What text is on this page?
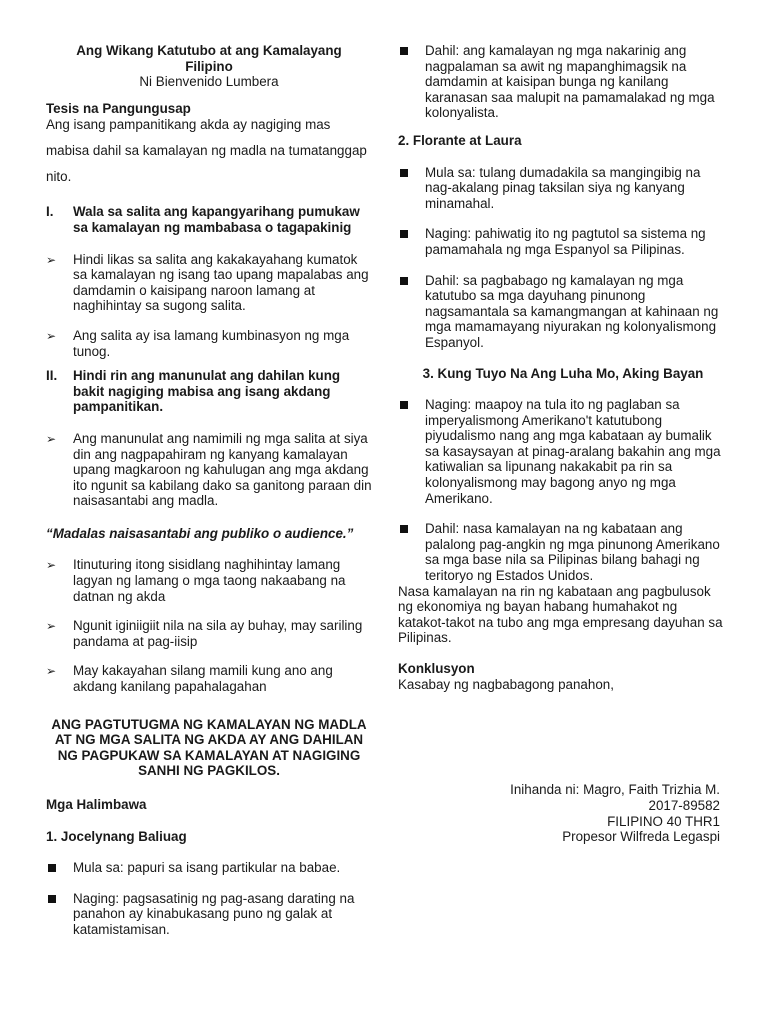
Ang Wikang Katutubo at ang Kamalayang
Filipino
Ni Bienvenido Lumbera
Tesis na Pangungusap
Ang isang pampanitikang akda ay nagiging mas mabisa dahil sa kamalayan ng madla na tumatanggap nito.
I.	Wala sa salita ang kapangyarihang pumukaw sa kamalayan ng mambabasa o tagapakinig
➢	Hindi likas sa salita ang kakakayahang kumatok sa kamalayan ng isang tao upang mapalabas ang damdamin o kaisipang naroon lamang at naghihintay sa sugong salita.
➢	Ang salita ay isa lamang kumbinasyon ng mga tunog.
II.	Hindi rin ang manunulat ang dahilan kung bakit nagiging mabisa ang isang akdang pampanitikan.
➢	Ang manunulat ang namimili ng mga salita at siya din ang nagpapahiram ng kanyang kamalayan upang magkaroon ng kahulugan ang mga akdang ito ngunit sa kabilang dako sa ganitong paraan din naisasantabi ang madla.
“Madalas naisasantabi ang publiko o audience.”
➢	Itinuturing itong sisidlang naghihintay lamang lagyan ng lamang o mga taong nakaabang na datnan ng akda
➢	Ngunit iginiigiit nila na sila ay buhay, may sariling pandama at pag-iisip
➢	May kakayahan silang mamili kung ano ang akdang kanilang papahalagahan
ANG PAGTUTUGMA NG KAMALAYAN NG MADLA AT NG MGA SALITA NG AKDA AY ANG DAHILAN NG PAGPUKAW SA KAMALAYAN AT NAGIGING SANHI NG PAGKILOS.
Mga Halimbawa
1. Jocelynang Baliuag
Mula sa: papuri sa isang partikular na babae.
Naging: pagsasatinig ng pag-asang darating na panahon ay kinabukasang puno ng galak at katamistamisan.
Dahil: ang kamalayan ng mga nakarinig ang nagpalaman sa awit ng mapanghimagsik na damdamin at kaisipan bunga ng kanilang karanasan saa malupit na pamamalakad ng mga kolonyalista.
2. Florante at Laura
Mula sa: tulang dumadakila sa mangingibig na nag-akalang pinag taksilan siya ng kanyang minamahal.
Naging: pahiwatig ito ng pagtutol sa sistema ng pamamahala ng mga Espanyol sa Pilipinas.
Dahil: sa pagbabago ng kamalayan ng mga katutubo sa mga dayuhang pinunong nagsamantala sa kamangmangan at kahinaan ng mga mamamayang niyurakan ng kolonyalismong Espanyol.
3. Kung Tuyo Na Ang Luha Mo, Aking Bayan
Naging: maapoy na tula ito ng paglaban sa imperyalismong Amerikano't katutubong piyudalismo nang ang mga kabataan ay bumalik sa kasaysayan at pinag-aralang bakahin ang mga katiwalian sa lipunang nakakabit pa rin sa kolonyalismong may bagong anyo ng mga Amerikano.
Dahil: nasa kamalayan na ng kabataan ang palalong pag-angkin ng mga pinunong Amerikano sa mga base nila sa Pilipinas bilang bahagi ng teritoryo ng Estados Unidos.
Nasa kamalayan na rin ng kabataan ang pagbulusok ng ekonomiya ng bayan habang humahakot ng katakot-takot na tubo ang mga empresang dayuhan sa Pilipinas.
Konklusyon
Kasabay ng nagbabagong panahon,
Inihanda ni: Magro, Faith Trizhia M.
2017-89582
FILIPINO 40 THR1
Propesor Wilfreda Legaspi
